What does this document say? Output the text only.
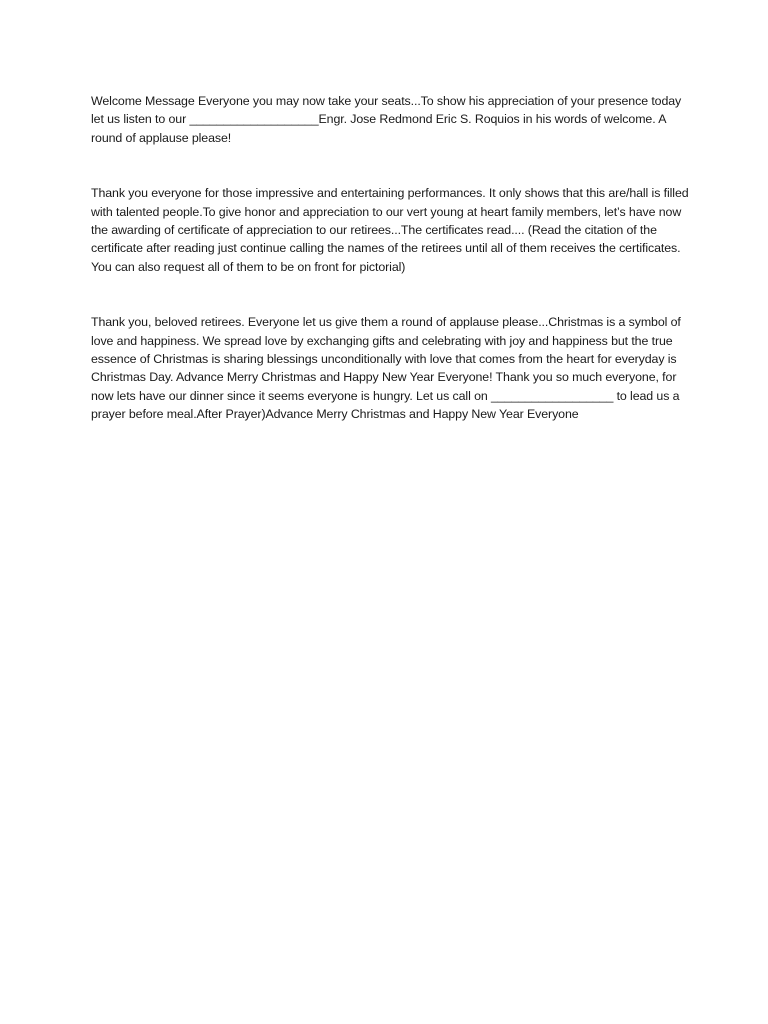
Welcome Message Everyone you may now take your seats...To show his appreciation of your presence today let us listen to our ___________________Engr. Jose Redmond Eric S. Roquios in his words of welcome. A round of applause please!

Thank you everyone for those impressive and entertaining performances. It only shows that this are/hall is filled with talented people.To give honor and appreciation to our vert young at heart family members, let’s have now the awarding of certificate of appreciation to our retirees...The certificates read.... (Read the citation of the certificate after reading just continue calling the names of the retirees until all of them receives the certificates. You can also request all of them to be on front for pictorial)

Thank you, beloved retirees. Everyone let us give them a round of applause please...Christmas is a symbol of love and happiness. We spread love by exchanging gifts and celebrating with joy and happiness but the true essence of Christmas is sharing blessings unconditionally with love that comes from the heart for everyday is Christmas Day. Advance Merry Christmas and Happy New Year Everyone! Thank you so much everyone, for now lets have our dinner since it seems everyone is hungry. Let us call on __________________ to lead us a prayer before meal.After Prayer)Advance Merry Christmas and Happy New Year Everyone
